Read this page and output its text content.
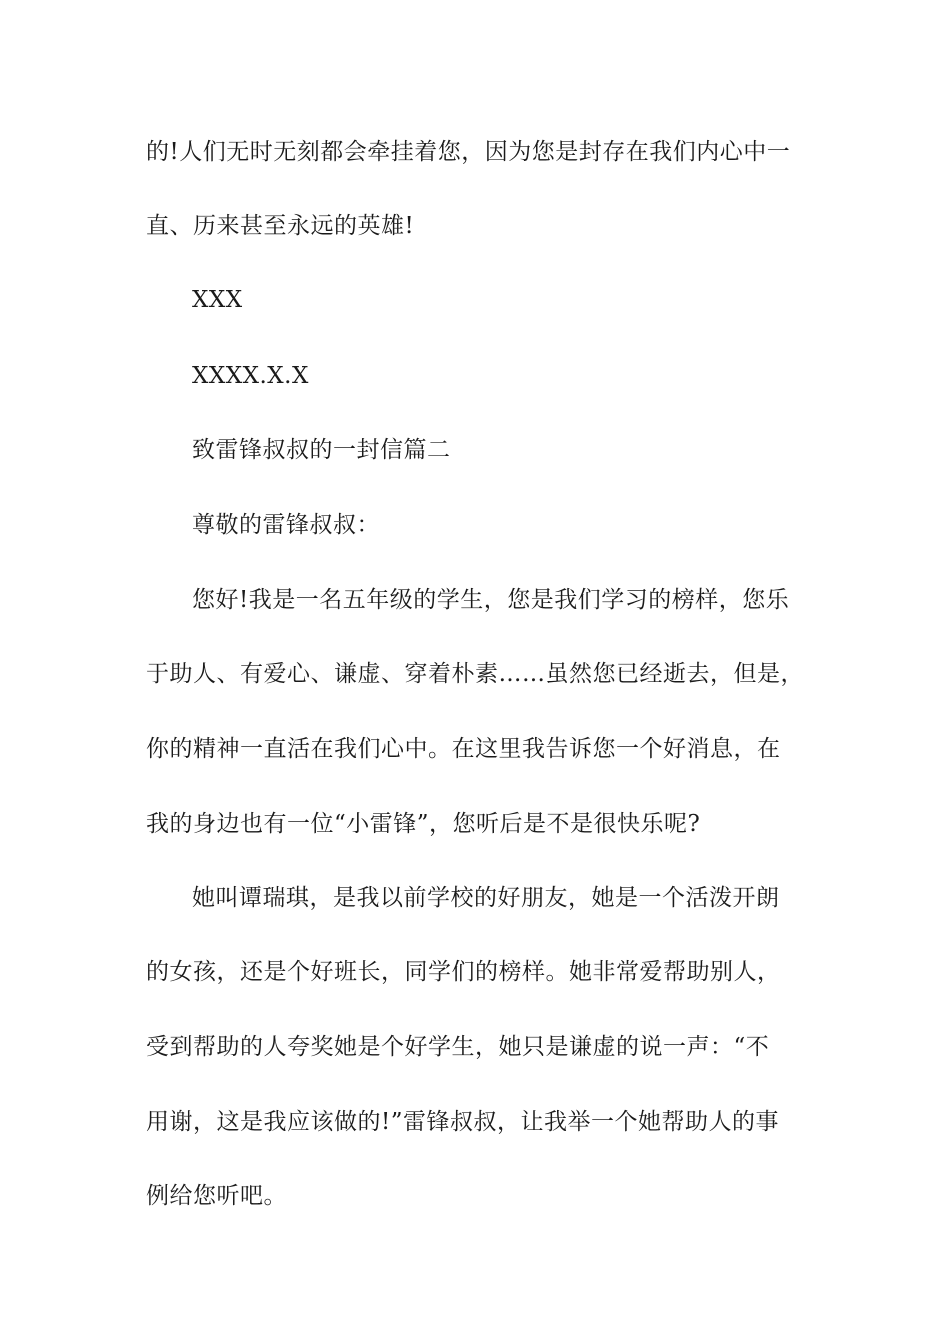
的!人们无时无刻都会牵挂着您，因为您是封存在我们内心中一
直、历来甚至永远的英雄!
XXX
XXXX.X.X
致雷锋叔叔的一封信篇二
尊敬的雷锋叔叔：
您好!我是一名五年级的学生，您是我们学习的榜样，您乐
于助人、有爱心、谦虚、穿着朴素……虽然您已经逝去，但是，
你的精神一直活在我们心中。在这里我告诉您一个好消息，在
我的身边也有一位“小雷锋”，您听后是不是很快乐呢?
她叫谭瑞琪，是我以前学校的好朋友，她是一个活泼开朗
的女孩，还是个好班长，同学们的榜样。她非常爱帮助别人，
受到帮助的人夸奖她是个好学生，她只是谦虚的说一声：“不
用谢，这是我应该做的!”雷锋叔叔，让我举一个她帮助人的事
例给您听吧。
